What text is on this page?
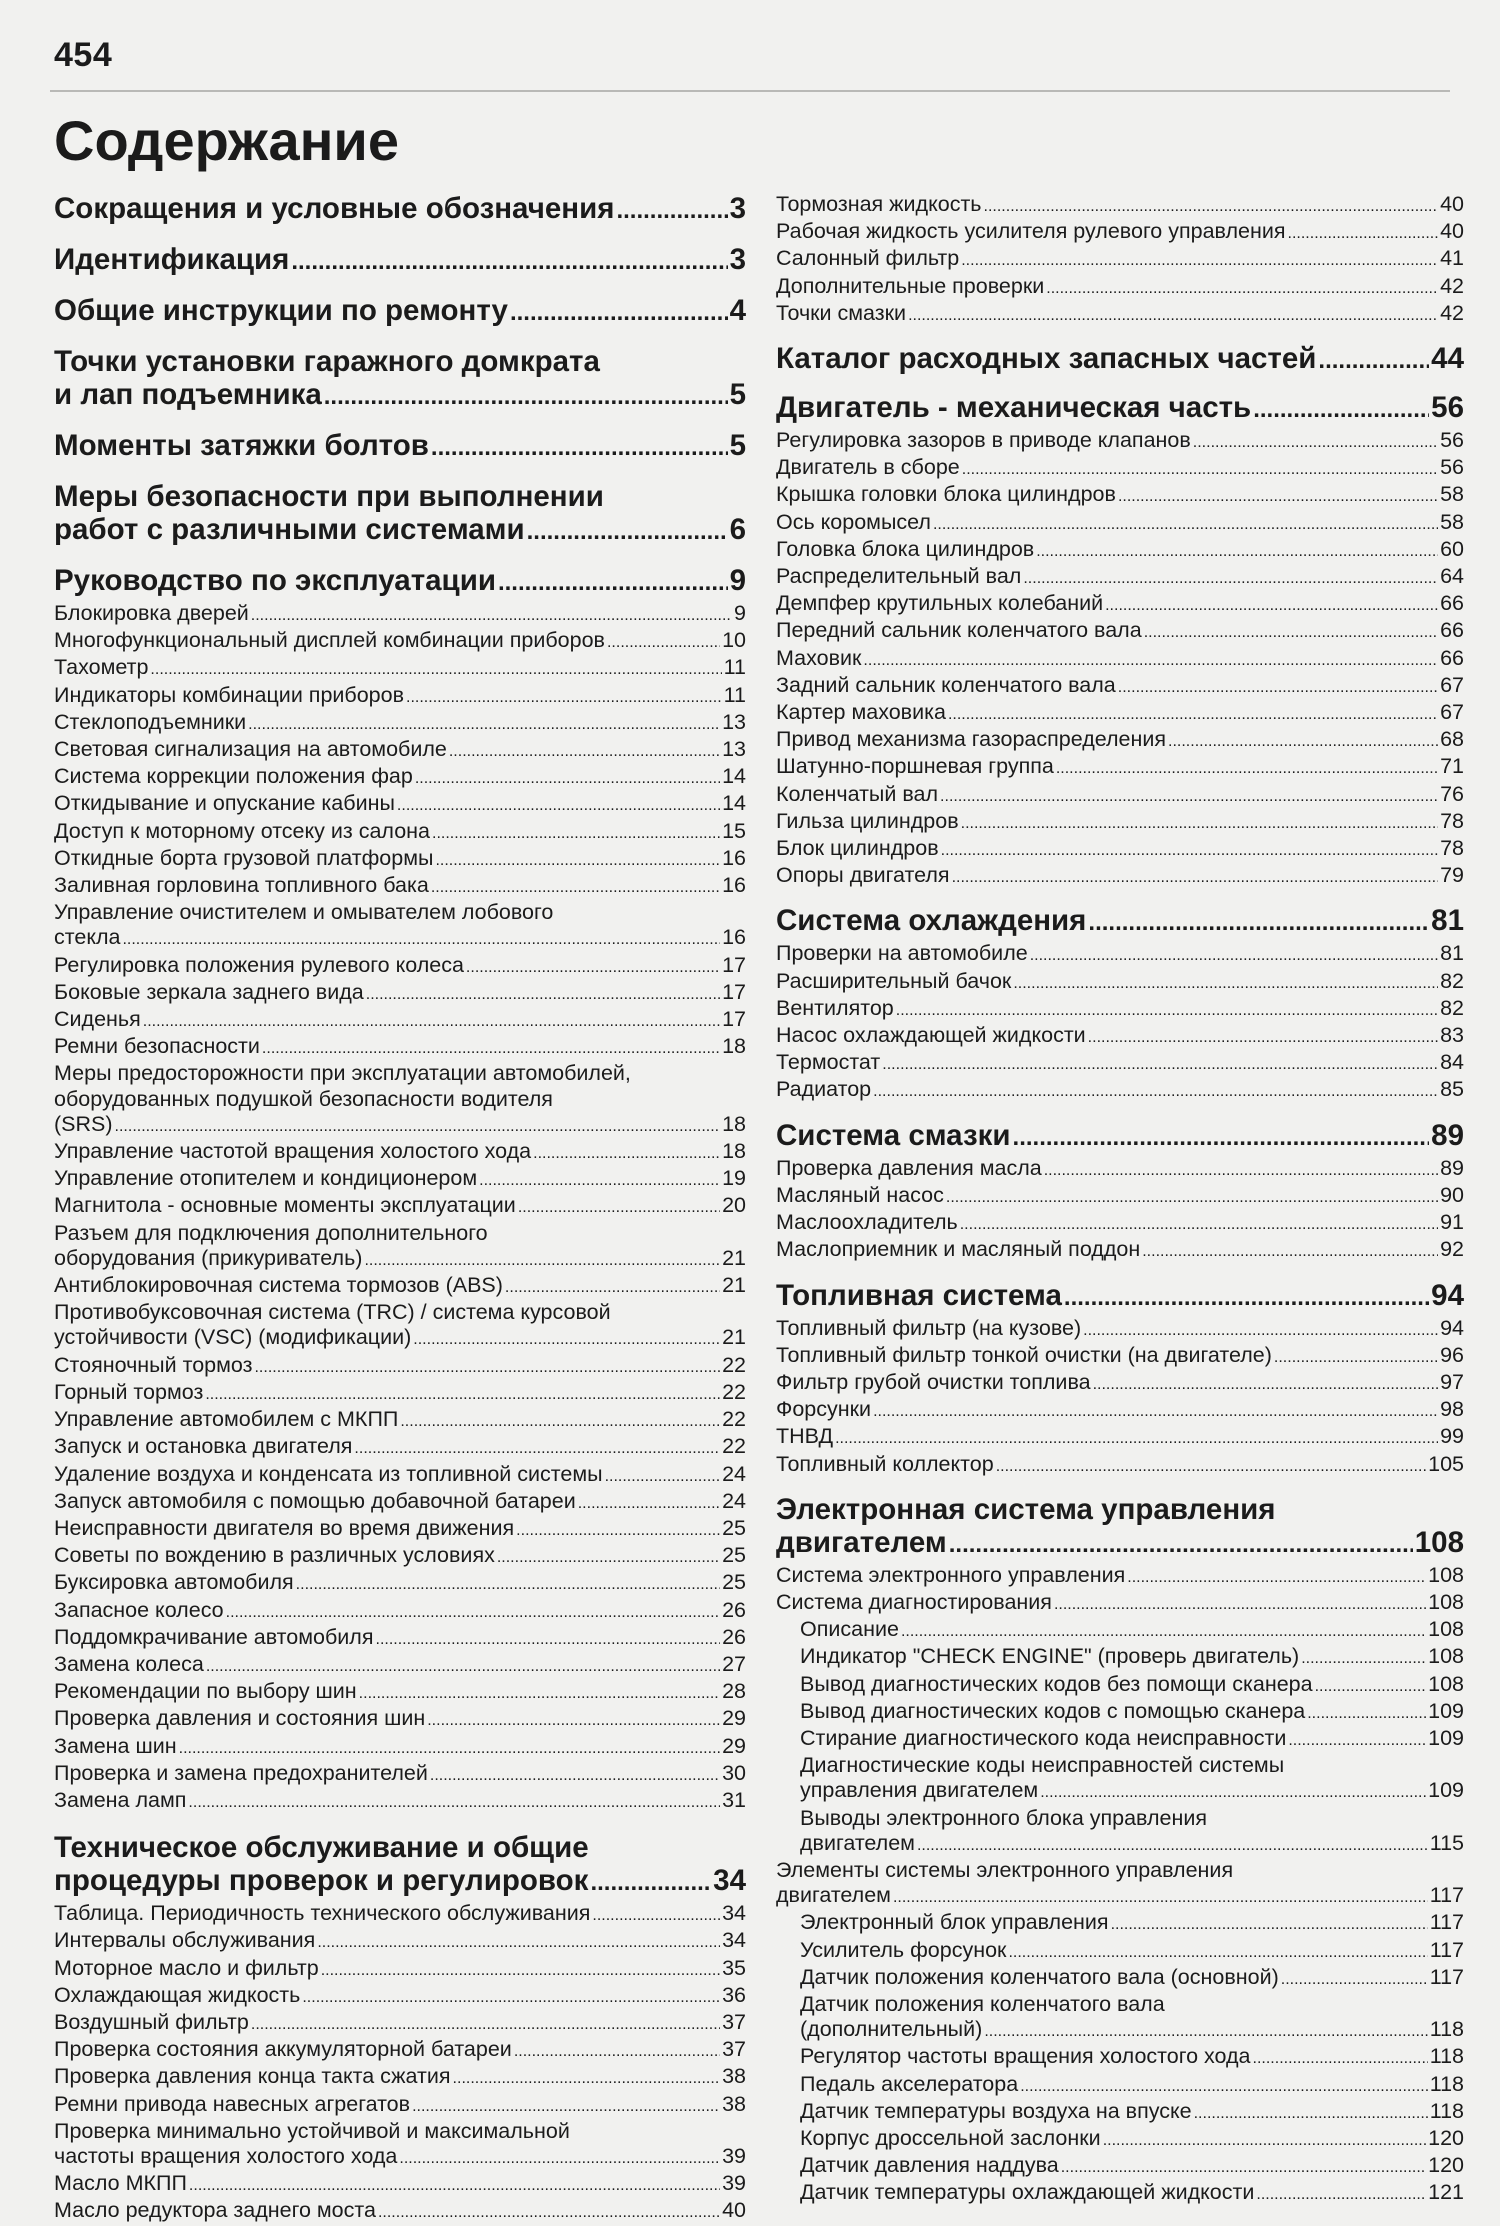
454
Содержание
Сокращения и условные обозначения .....	3
Идентификация .....	3
Общие инструкции по ремонту .....	4
Точки установки гаражного домкрата
и лап подъемника .....	5
Моменты затяжки болтов .....	5
Меры безопасности при выполнении
работ с различными системами .....	6
Руководство по эксплуатации .....	9
Блокировка дверей .....	9
Многофункциональный дисплей комбинации приборов .....	10
Тахометр .....	11
Индикаторы комбинации приборов .....	11
Стеклоподъемники .....	13
Световая сигнализация на автомобиле .....	13
Система коррекции положения фар .....	14
Откидывание и опускание кабины .....	14
Доступ к моторному отсеку из салона .....	15
Откидные борта грузовой платформы .....	16
Заливная горловина топливного бака .....	16
Управление очистителем и омывателем лобового
стекла .....	16
Регулировка положения рулевого колеса .....	17
Боковые зеркала заднего вида .....	17
Сиденья .....	17
Ремни безопасности .....	18
Меры предосторожности при эксплуатации автомобилей,
оборудованных подушкой безопасности водителя
(SRS) .....	18
Управление частотой вращения холостого хода .....	18
Управление отопителем и кондиционером .....	19
Магнитола - основные моменты эксплуатации .....	20
Разъем для подключения дополнительного
оборудования (прикуриватель) .....	21
Антиблокировочная система тормозов (ABS) .....	21
Противобуксовочная система (TRC) / система курсовой
устойчивости (VSC) (модификации) .....	21
Стояночный тормоз .....	22
Горный тормоз .....	22
Управление автомобилем с МКПП .....	22
Запуск и остановка двигателя .....	22
Удаление воздуха и конденсата из топливной системы .....	24
Запуск автомобиля с помощью добавочной батареи .....	24
Неисправности двигателя во время движения .....	25
Советы по вождению в различных условиях .....	25
Буксировка автомобиля .....	25
Запасное колесо .....	26
Поддомкрачивание автомобиля .....	26
Замена колеса .....	27
Рекомендации по выбору шин .....	28
Проверка давления и состояния шин .....	29
Замена шин .....	29
Проверка и замена предохранителей .....	30
Замена ламп .....	31
Техническое обслуживание и общие
процедуры проверок и регулировок .....	34
Таблица. Периодичность технического обслуживания .....	34
Интервалы обслуживания .....	34
Моторное масло и фильтр .....	35
Охлаждающая жидкость .....	36
Воздушный фильтр .....	37
Проверка состояния аккумуляторной батареи .....	37
Проверка давления конца такта сжатия .....	38
Ремни привода навесных агрегатов .....	38
Проверка минимально устойчивой и максимальной
частоты вращения холостого хода .....	39
Масло МКПП .....	39
Масло редуктора заднего моста .....	40
Тормозная жидкость .....	40
Рабочая жидкость усилителя рулевого управления .....	40
Салонный фильтр .....	41
Дополнительные проверки .....	42
Точки смазки .....	42
Каталог расходных запасных частей .....	44
Двигатель - механическая часть .....	56
Регулировка зазоров в приводе клапанов .....	56
Двигатель в сборе .....	56
Крышка головки блока цилиндров .....	58
Ось коромысел .....	58
Головка блока цилиндров .....	60
Распределительный вал .....	64
Демпфер крутильных колебаний .....	66
Передний сальник коленчатого вала .....	66
Маховик .....	66
Задний сальник коленчатого вала .....	67
Картер маховика .....	67
Привод механизма газораспределения .....	68
Шатунно-поршневая группа .....	71
Коленчатый вал .....	76
Гильза цилиндров .....	78
Блок цилиндров .....	78
Опоры двигателя .....	79
Система охлаждения .....	81
Проверки на автомобиле .....	81
Расширительный бачок .....	82
Вентилятор .....	82
Насос охлаждающей жидкости .....	83
Термостат .....	84
Радиатор .....	85
Система смазки .....	89
Проверка давления масла .....	89
Масляный насос .....	90
Маслоохладитель .....	91
Маслоприемник и масляный поддон .....	92
Топливная система .....	94
Топливный фильтр (на кузове) .....	94
Топливный фильтр тонкой очистки (на двигателе) .....	96
Фильтр грубой очистки топлива .....	97
Форсунки .....	98
ТНВД .....	99
Топливный коллектор .....	105
Электронная система управления
двигателем .....	108
Система электронного управления .....	108
Система диагностирования .....	108
Описание .....	108
Индикатор "CHECK ENGINE" (проверь двигатель) .....	108
Вывод диагностических кодов без помощи сканера .....	108
Вывод диагностических кодов с помощью сканера .....	109
Стирание диагностического кода неисправности .....	109
Диагностические коды неисправностей системы
управления двигателем .....	109
Выводы электронного блока управления
двигателем .....	115
Элементы системы электронного управления
двигателем .....	117
Электронный блок управления .....	117
Усилитель форсунок .....	117
Датчик положения коленчатого вала (основной) .....	117
Датчик положения коленчатого вала
(дополнительный) .....	118
Регулятор частоты вращения холостого хода .....	118
Педаль акселератора .....	118
Датчик температуры воздуха на впуске .....	118
Корпус дроссельной заслонки .....	120
Датчик давления наддува .....	120
Датчик температуры охлаждающей жидкости .....	121
